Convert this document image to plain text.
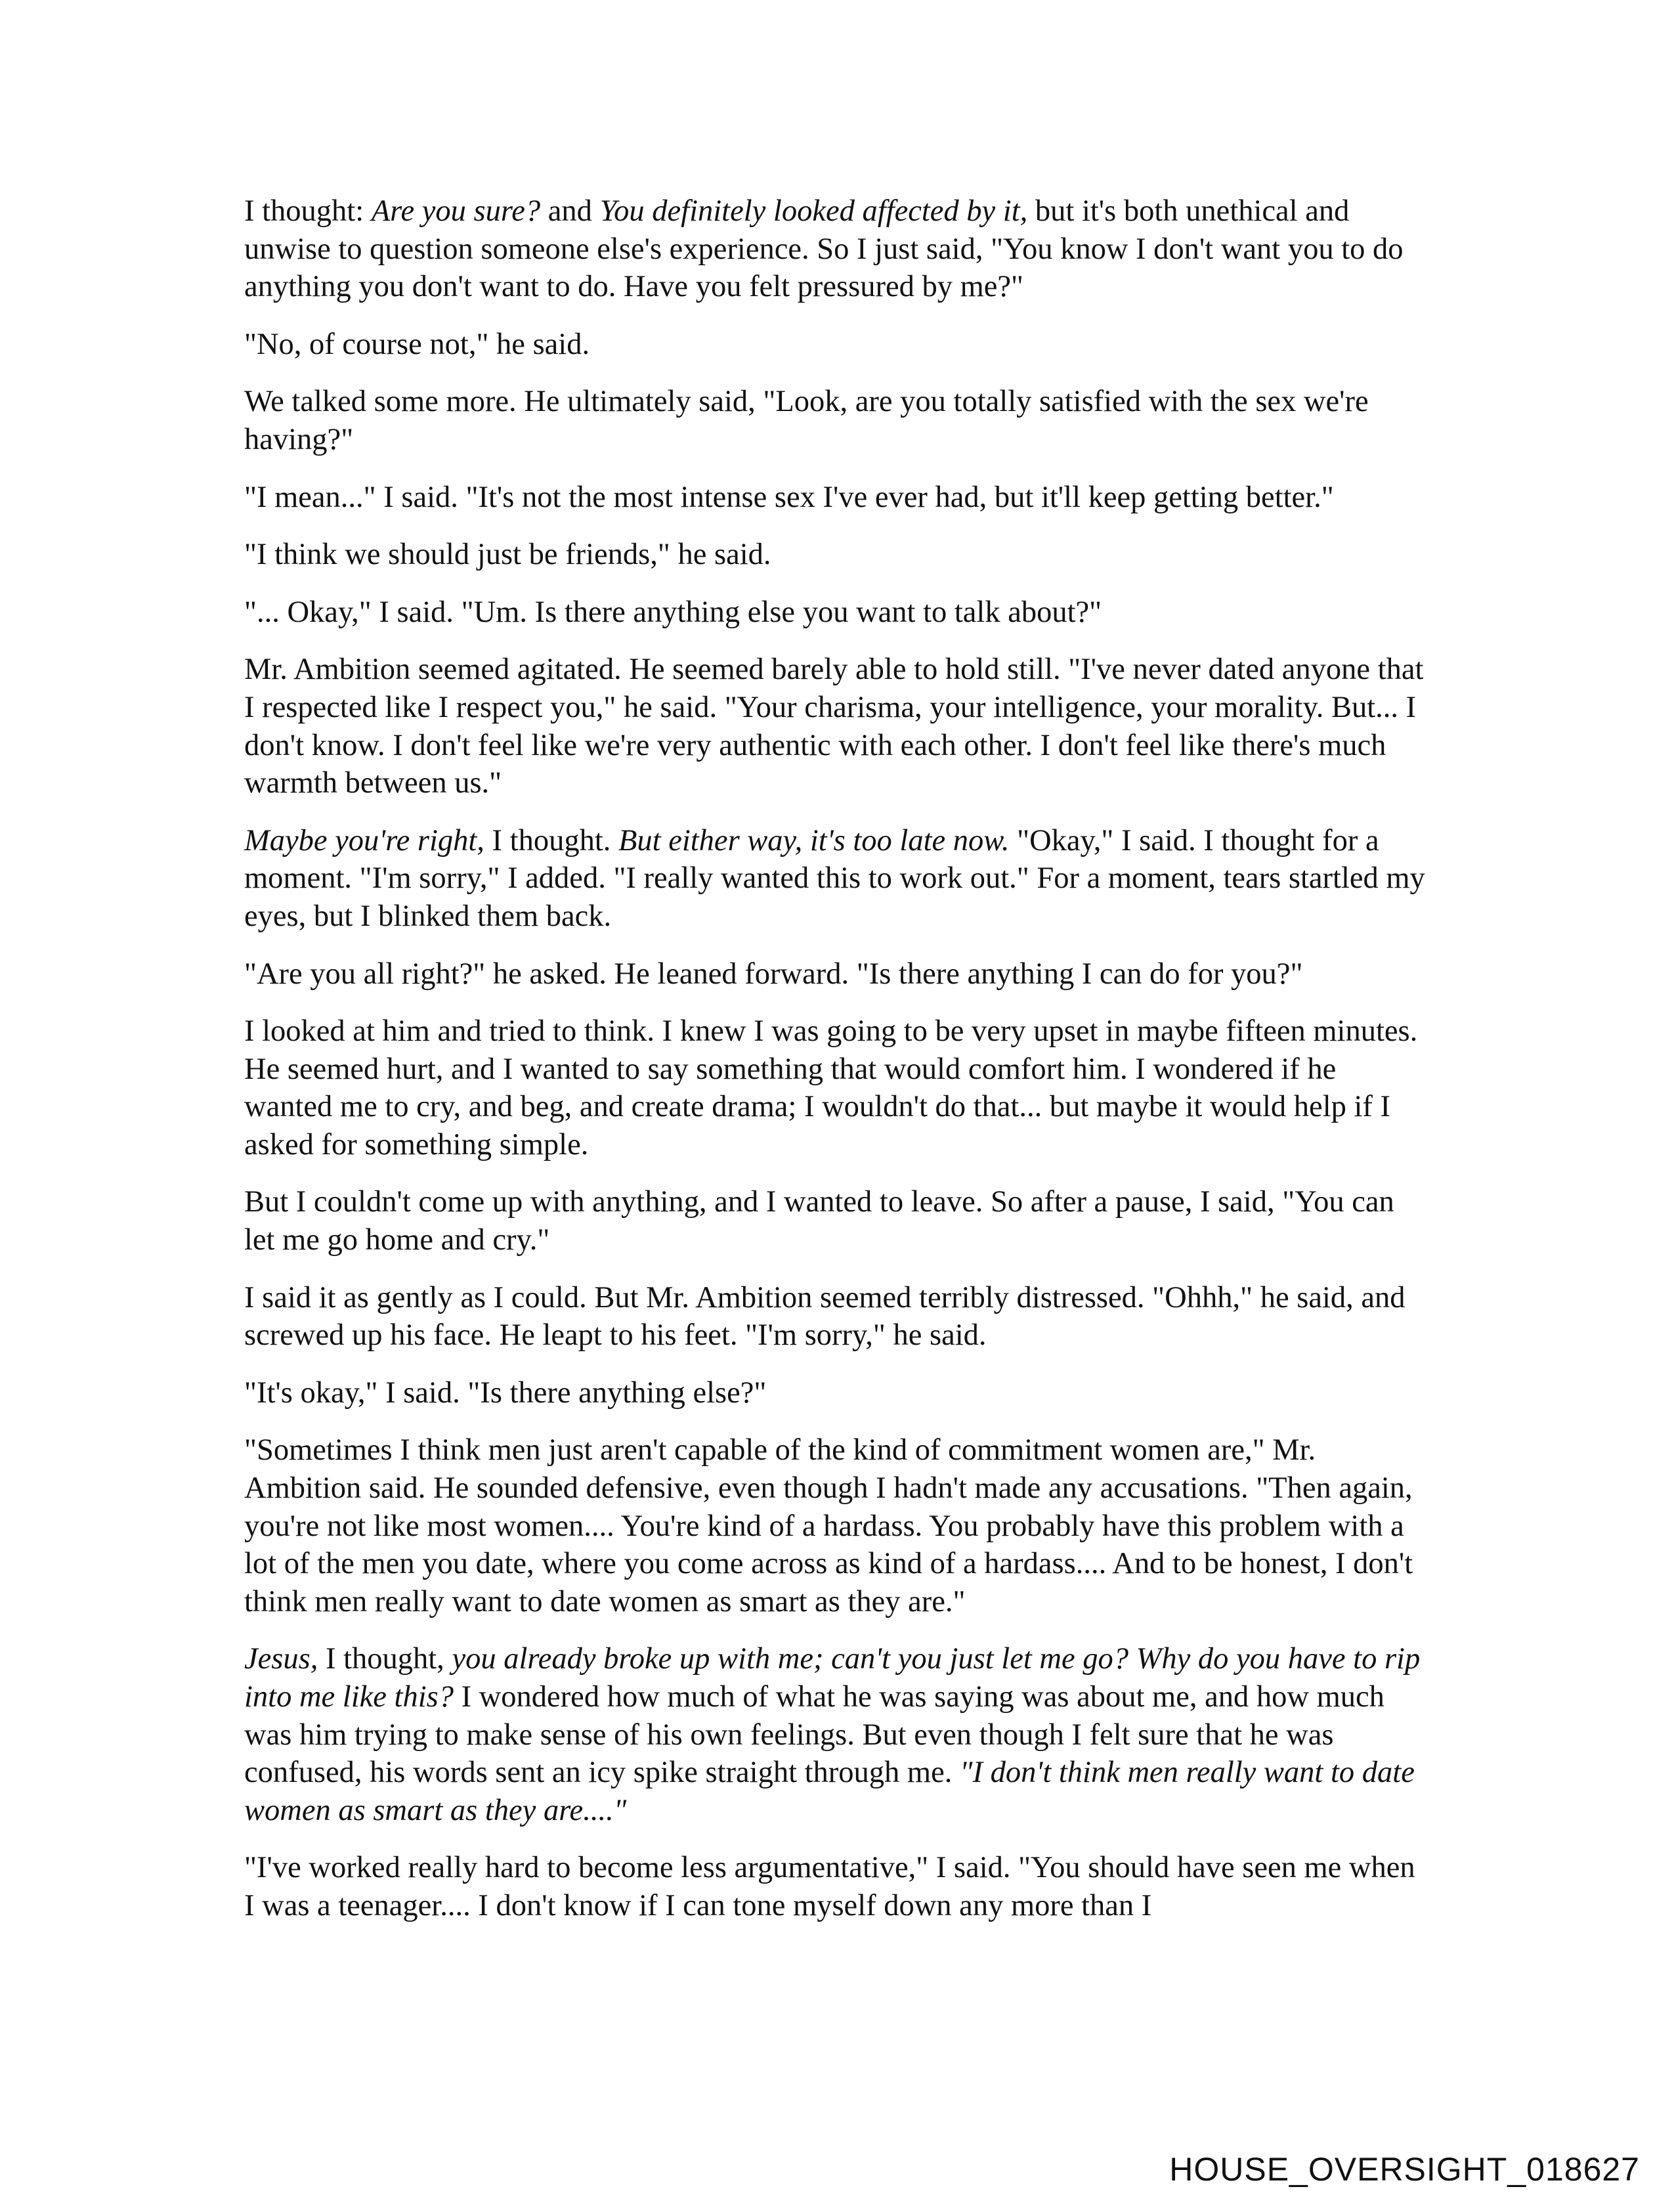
I thought: Are you sure? and You definitely looked affected by it, but it's both unethical and unwise to question someone else's experience. So I just said, "You know I don't want you to do anything you don't want to do. Have you felt pressured by me?"

"No, of course not," he said.

We talked some more. He ultimately said, "Look, are you totally satisfied with the sex we're having?"

"I mean..." I said. "It's not the most intense sex I've ever had, but it'll keep getting better."

"I think we should just be friends," he said.

"... Okay," I said. "Um. Is there anything else you want to talk about?"

Mr. Ambition seemed agitated. He seemed barely able to hold still. "I've never dated anyone that I respected like I respect you," he said. "Your charisma, your intelligence, your morality. But... I don't know. I don't feel like we're very authentic with each other. I don't feel like there's much warmth between us."

Maybe you're right, I thought. But either way, it's too late now. "Okay," I said. I thought for a moment. "I'm sorry," I added. "I really wanted this to work out." For a moment, tears startled my eyes, but I blinked them back.

"Are you all right?" he asked. He leaned forward. "Is there anything I can do for you?"

I looked at him and tried to think. I knew I was going to be very upset in maybe fifteen minutes. He seemed hurt, and I wanted to say something that would comfort him. I wondered if he wanted me to cry, and beg, and create drama; I wouldn't do that... but maybe it would help if I asked for something simple.

But I couldn't come up with anything, and I wanted to leave. So after a pause, I said, "You can let me go home and cry."

I said it as gently as I could. But Mr. Ambition seemed terribly distressed. "Ohhh," he said, and screwed up his face. He leapt to his feet. "I'm sorry," he said.

"It's okay," I said. "Is there anything else?"

"Sometimes I think men just aren't capable of the kind of commitment women are," Mr. Ambition said. He sounded defensive, even though I hadn't made any accusations. "Then again, you're not like most women.... You're kind of a hardass. You probably have this problem with a lot of the men you date, where you come across as kind of a hardass.... And to be honest, I don't think men really want to date women as smart as they are."

Jesus, I thought, you already broke up with me; can't you just let me go? Why do you have to rip into me like this? I wondered how much of what he was saying was about me, and how much was him trying to make sense of his own feelings. But even though I felt sure that he was confused, his words sent an icy spike straight through me. "I don't think men really want to date women as smart as they are...."

"I've worked really hard to become less argumentative," I said. "You should have seen me when I was a teenager.... I don't know if I can tone myself down any more than I

HOUSE_OVERSIGHT_018627
